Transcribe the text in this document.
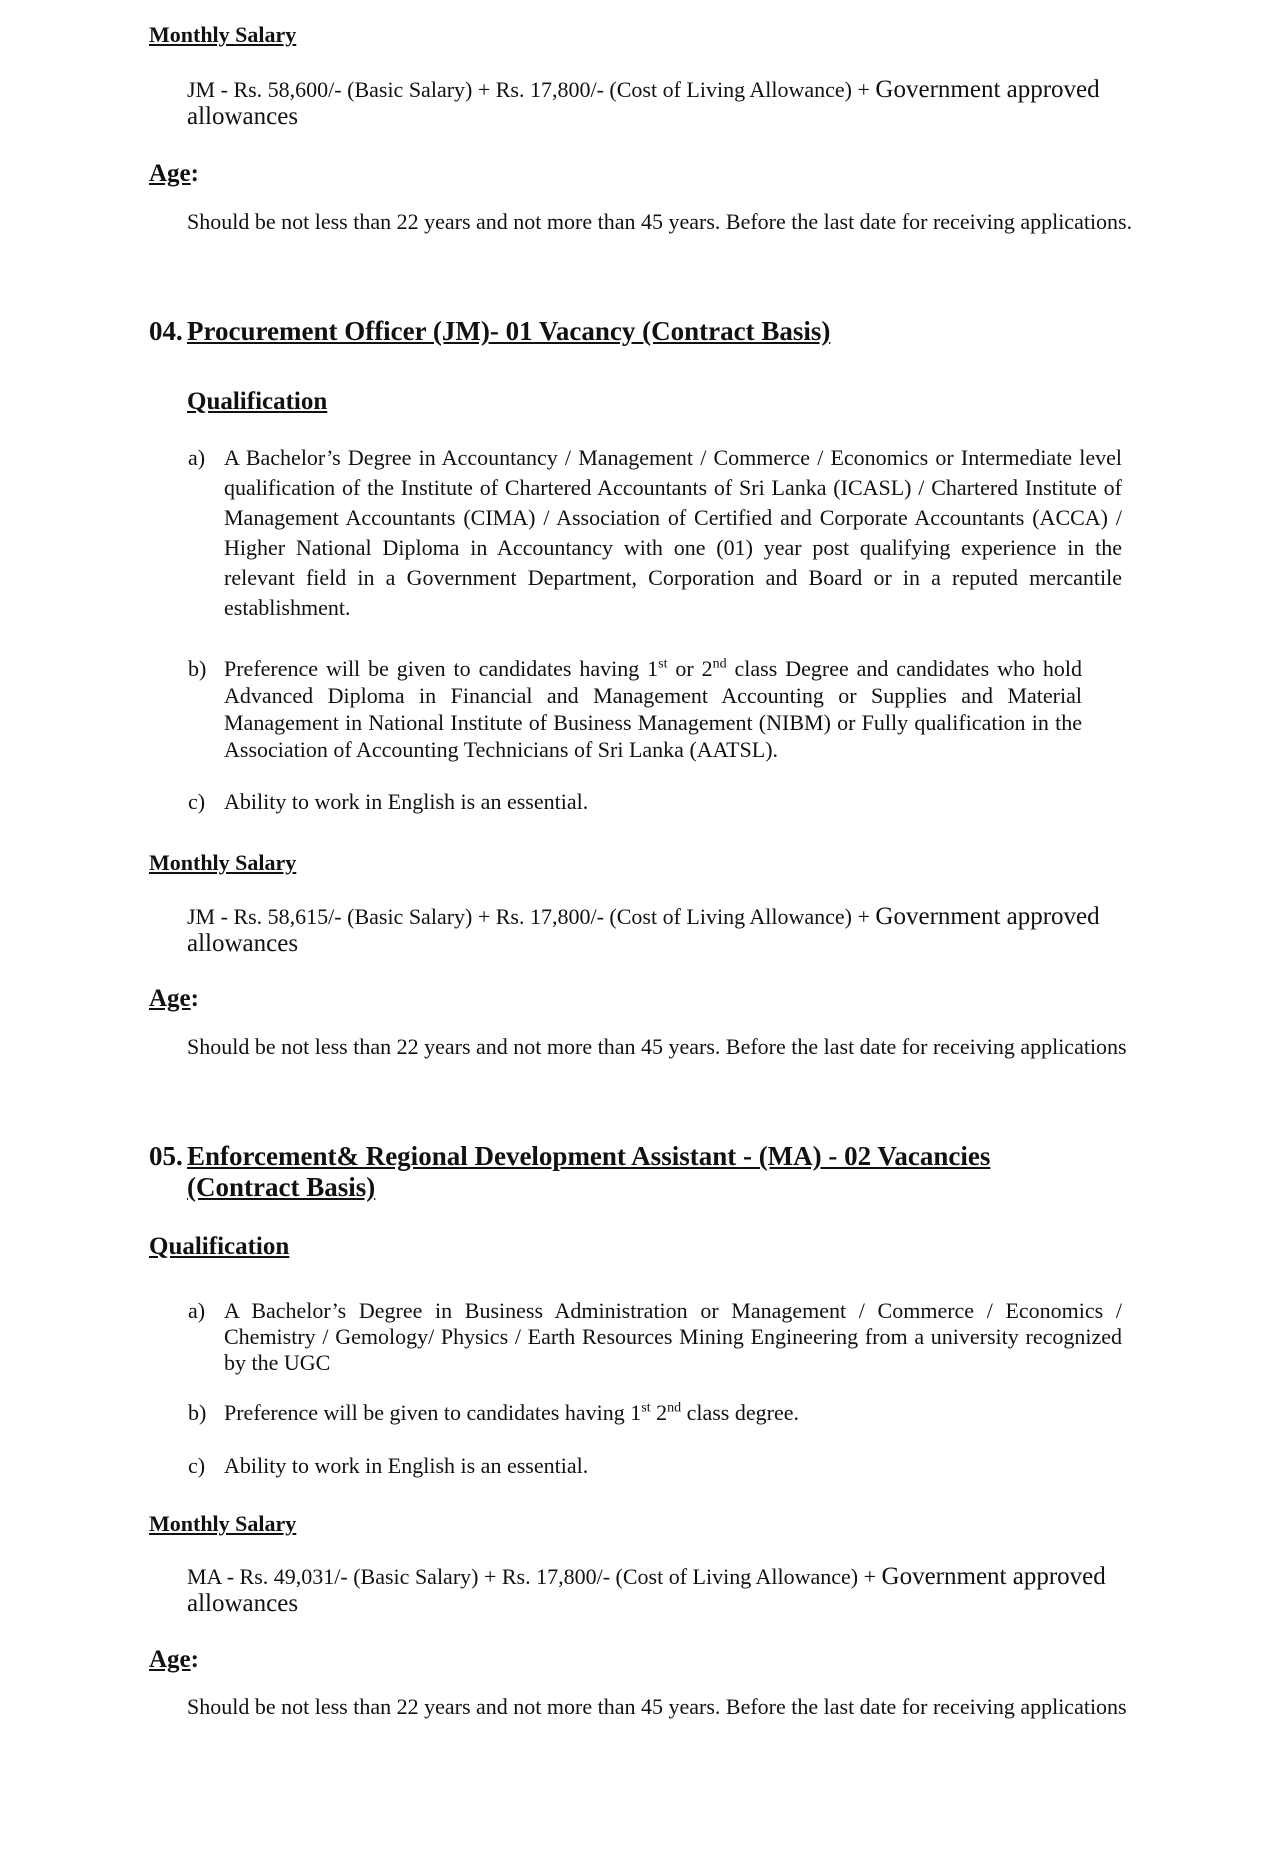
Monthly Salary
JM - Rs. 58,600/- (Basic Salary) + Rs. 17,800/- (Cost of Living Allowance) + Government approved
allowances
Age:
Should be not less than 22 years and not more than 45 years. Before the last date for receiving applications.
04. Procurement Officer (JM)- 01 Vacancy (Contract Basis)
Qualification
a) A Bachelor’s Degree in Accountancy / Management / Commerce / Economics or Intermediate level qualification of the Institute of Chartered Accountants of Sri Lanka (ICASL) / Chartered Institute of Management Accountants (CIMA) / Association of Certified and Corporate Accountants (ACCA) / Higher National Diploma in Accountancy with one (01) year post qualifying experience in the relevant field in a Government Department, Corporation and Board or in a reputed mercantile establishment.
b) Preference will be given to candidates having 1st or 2nd class Degree and candidates who hold Advanced Diploma in Financial and Management Accounting or Supplies and Material Management in National Institute of Business Management (NIBM) or Fully qualification in the Association of Accounting Technicians of Sri Lanka (AATSL).
c) Ability to work in English is an essential.
Monthly Salary
JM - Rs. 58,615/- (Basic Salary) + Rs. 17,800/- (Cost of Living Allowance) + Government approved
allowances
Age:
Should be not less than 22 years and not more than 45 years. Before the last date for receiving applications
05. Enforcement& Regional Development Assistant - (MA) - 02 Vacancies
(Contract Basis)
Qualification
a) A Bachelor’s Degree in Business Administration or Management / Commerce / Economics / Chemistry / Gemology/ Physics / Earth Resources Mining Engineering from a university recognized by the UGC
b) Preference will be given to candidates having 1st 2nd class degree.
c) Ability to work in English is an essential.
Monthly Salary
MA - Rs. 49,031/- (Basic Salary) + Rs. 17,800/- (Cost of Living Allowance) + Government approved
allowances
Age:
Should be not less than 22 years and not more than 45 years. Before the last date for receiving applications
